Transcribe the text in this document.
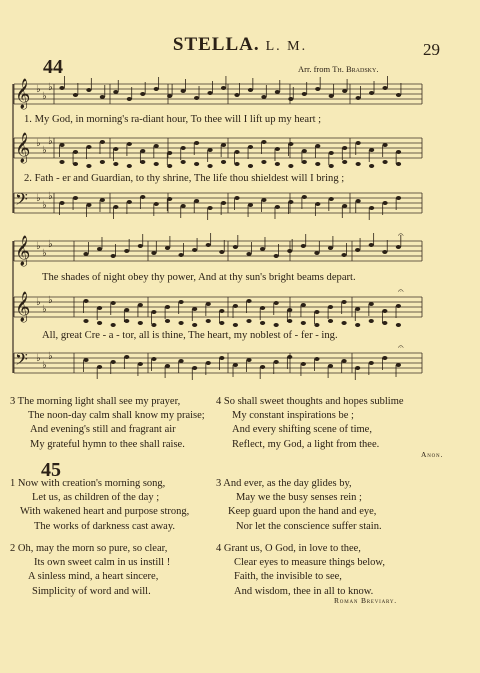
STELLA. L. M.	29
44	Arr. from Th. Bradsky.
𝄞 ♭
♭
♭
𝄞 ♭
♭
♭
𝄢 ♭
♭
♭
𝄞 ♭
♭
♭
𝄞 ♭
♭
♭
𝄢 ♭
♭
♭
𝄐
𝄐
𝄐
1. My God, in morning's ra-diant hour, To thee will I lift up my heart ;
2. Fath - er and Guardian, to thy shrine, The life thou shieldest will I bring ;
The shades of night obey thy power, And at thy sun's bright beams depart.
All, great Cre - a - tor, all is thine, The heart, my noblest of - fer - ing.
3 The morning light shall see my prayer,
The noon-day calm shall know my praise;
And evening's still and fragrant air
My grateful hymn to thee shall raise.
4 So shall sweet thoughts and hopes sublime
My constant inspirations be ;
And every shifting scene of time,
Reflect, my God, a light from thee.
Anon.
45
1 Now with creation's morning song,
Let us, as children of the day ;
With wakened heart and purpose strong,
The works of darkness cast away.
2 Oh, may the morn so pure, so clear,
Its own sweet calm in us instill !
A sinless mind, a heart sincere,
Simplicity of word and will.
3 And ever, as the day glides by,
May we the busy senses rein ;
Keep guard upon the hand and eye,
Nor let the conscience suffer stain.
4 Grant us, O God, in love to thee,
Clear eyes to measure things below,
Faith, the invisible to see,
And wisdom, thee in all to know.
Roman Breviary.
